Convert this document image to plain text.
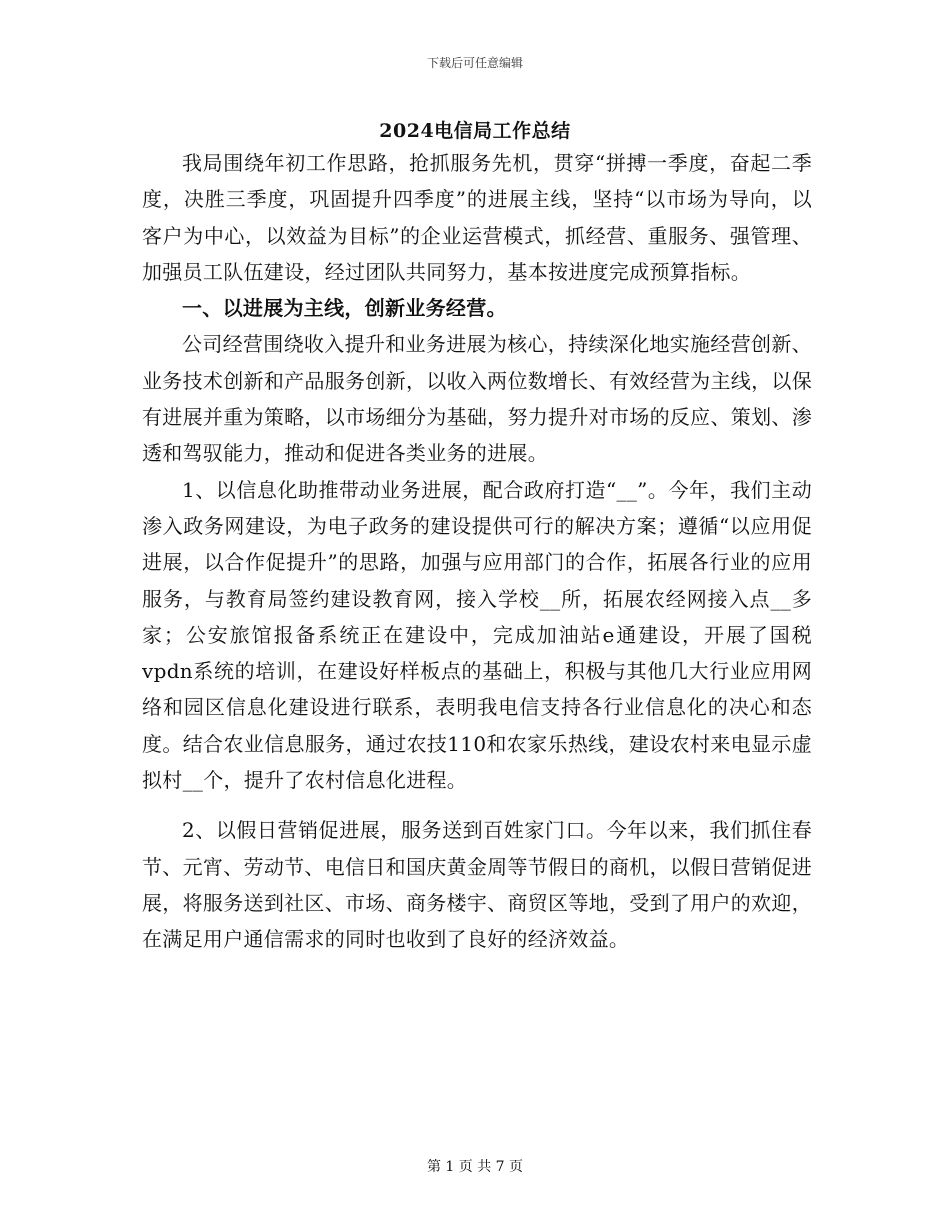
下载后可任意编辑
2024电信局工作总结

我局围绕年初工作思路，抢抓服务先机，贯穿“拼搏一季度，奋起二季度，决胜三季度，巩固提升四季度”的进展主线，坚持“以市场为导向，以客户为中心，以效益为目标”的企业运营模式，抓经营、重服务、强管理、加强员工队伍建设，经过团队共同努力，基本按进度完成预算指标。

一、以进展为主线，创新业务经营。

公司经营围绕收入提升和业务进展为核心，持续深化地实施经营创新、业务技术创新和产品服务创新，以收入两位数增长、有效经营为主线，以保有进展并重为策略，以市场细分为基础，努力提升对市场的反应、策划、渗透和驾驭能力，推动和促进各类业务的进展。

1、以信息化助推带动业务进展，配合政府打造“__”。今年，我们主动渗入政务网建设，为电子政务的建设提供可行的解决方案；遵循“以应用促进展，以合作促提升”的思路，加强与应用部门的合作，拓展各行业的应用服务，与教育局签约建设教育网，接入学校__所，拓展农经网接入点__多家；公安旅馆报备系统正在建设中，完成加油站e通建设，开展了国税vpdn系统的培训，在建设好样板点的基础上，积极与其他几大行业应用网络和园区信息化建设进行联系，表明我电信支持各行业信息化的决心和态度。结合农业信息服务，通过农技110和农家乐热线，建设农村来电显示虚拟村__个，提升了农村信息化进程。

2、以假日营销促进展，服务送到百姓家门口。今年以来，我们抓住春节、元宵、劳动节、电信日和国庆黄金周等节假日的商机，以假日营销促进展，将服务送到社区、市场、商务楼宇、商贸区等地，受到了用户的欢迎，在满足用户通信需求的同时也收到了良好的经济效益。

第 1 页 共 7 页
